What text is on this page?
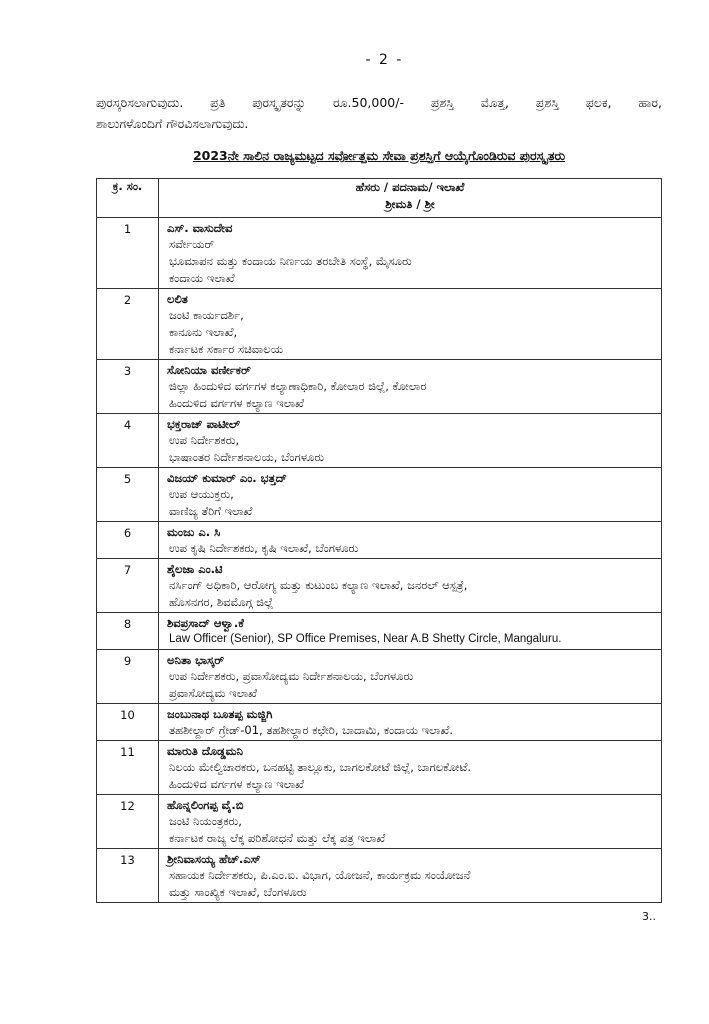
- 2 -

ಪುರಸ್ಕರಿಸಲಾಗುವುದು. ಪ್ರತಿ ಪುರಸ್ಕೃತರನ್ನು ರೂ.50,000/- ಪ್ರಶಸ್ತಿ ಮೊತ್ತ, ಪ್ರಶಸ್ತಿ ಫಲಕ, ಹಾರ,
ಶಾಲುಗಳೊಂದಿಗೆ ಗೌರವಿಸಲಾಗುವುದು.

2023ನೇ ಸಾಲಿನ ರಾಜ್ಯಮಟ್ಟದ ಸರ್ವೋತ್ತಮ ಸೇವಾ ಪ್ರಶಸ್ತಿಗೆ ಆಯ್ಕೆಗೊಂಡಿರುವ ಪುರಸ್ಕೃತರು
ಕ್ರ. ಸಂ.	ಹೆಸರು / ಪದನಾಮ/ ಇಲಾಖೆ
ಶ್ರೀಮತಿ / ಶ್ರೀ

1	ಎಸ್. ವಾಸುದೇವ
ಸರ್ವೇಯರ್
ಭೂಮಾಪನ ಮತ್ತು ಕಂದಾಯ ನಿರ್ಣಯ ತರಬೇತಿ ಸಂಸ್ಥೆ, ಮೈಸೂರು
ಕಂದಾಯ ಇಲಾಖೆ

2	ಲಲಿತ
ಜಂಟಿ ಕಾರ್ಯದರ್ಶಿ,
ಕಾನೂನು ಇಲಾಖೆ,
ಕರ್ನಾಟಕ ಸರ್ಕಾರ ಸಚಿವಾಲಯ

3	ಸೋನಿಯಾ ವರ್ಣೀಕರ್
ಜಿಲ್ಲಾ ಹಿಂದುಳಿದ ವರ್ಗಗಳ ಕಲ್ಯಾಣಾಧಿಕಾರಿ, ಕೋಲಾರ ಜಿಲ್ಲೆ, ಕೋಲಾರ
ಹಿಂದುಳಿದ ವರ್ಗಗಳ ಕಲ್ಯಾಣ ಇಲಾಖೆ

4	ಭಕ್ತರಾಜ್ ಪಾಟೀಲ್
ಉಪ ನಿರ್ದೇಶಕರು,
ಭಾಷಾಂತರ ನಿರ್ದೇಶನಾಲಯ, ಬೆಂಗಳೂರು

5	ವಿಜಯ್ ಕುಮಾರ್ ಎಂ. ಭತ್ತದ್
ಉಪ ಆಯುಕ್ತರು,
ವಾಣಿಜ್ಯ ತೆರಿಗೆ ಇಲಾಖೆ

6	ಮಂಜು ಎ. ಸಿ
ಉಪ ಕೃಷಿ ನಿರ್ದೇಶಕರು, ಕೃಷಿ ಇಲಾಖೆ, ಬೆಂಗಳೂರು

7	ಶೈಲಜಾ ಎಂ.ಟಿ
ನರ್ಸಿಂಗ್ ಅಧಿಕಾರಿ, ಆರೋಗ್ಯ ಮತ್ತು ಕುಟುಂಬ ಕಲ್ಯಾಣ ಇಲಾಖೆ, ಜನರಲ್ ಆಸ್ಪತ್ರೆ,
ಹೊಸನಗರ, ಶಿವಮೊಗ್ಗ ಜಿಲ್ಲೆ

8	ಶಿವಪ್ರಸಾದ್ ಆಳ್ವಾ.ಕೆ
Law Officer (Senior), SP Office Premises, Near A.B Shetty Circle, Mangaluru.

9	ಅನಿತಾ ಭಾಸ್ಕರ್
ಉಪ ನಿರ್ದೇಶಕರು, ಪ್ರವಾಸೋದ್ಯಮ ನಿರ್ದೇಶನಾಲಯ, ಬೆಂಗಳೂರು
ಪ್ರವಾಸೋದ್ಯಮ ಇಲಾಖೆ

10	ಜಂಬುನಾಥ ಬೂತಪ್ಪ ಮಜ್ಜಿಗಿ
ತಹಶೀಲ್ದಾರ್ ಗ್ರೇಡ್-01, ತಹಶೀಲ್ದಾರ ಕಛೇರಿ, ಬಾದಾಮಿ, ಕಂದಾಯ ಇಲಾಖೆ.

11	ಮಾರುತಿ ದೊಡ್ಡಮನಿ
ನಿಲಯ ಮೇಲ್ವಿಚಾರಕರು, ಬನಹಟ್ಟಿ ತಾಲ್ಲೂಕು, ಬಾಗಲಕೋಟೆ ಜಿಲ್ಲೆ, ಬಾಗಲಕೋಟೆ.
ಹಿಂದುಳಿದ ವರ್ಗಗಳ ಕಲ್ಯಾಣ ಇಲಾಖೆ

12	ಹೊನ್ನಲಿಂಗಪ್ಪ ವೈ.ಬಿ
ಜಂಟಿ ನಿಯಂತ್ರಕರು,
ಕರ್ನಾಟಕ ರಾಜ್ಯ ಲೆಕ್ಕ ಪರಿಶೋಧನೆ ಮತ್ತು ಲೆಕ್ಕ ಪತ್ರ ಇಲಾಖೆ

13	ಶ್ರೀನಿವಾಸಯ್ಯ ಹೆಚ್.ಎಸ್
ಸಹಾಯಕ ನಿರ್ದೇಶಕರು, ಪಿ.ಎಂ.ಐ. ವಿಭಾಗ, ಯೋಜನೆ, ಕಾರ್ಯಕ್ರಮ ಸಂಯೋಜನೆ
ಮತ್ತು ಸಾಂಖ್ಯಿಕ ಇಲಾಖೆ, ಬೆಂಗಳೂರು
3..
